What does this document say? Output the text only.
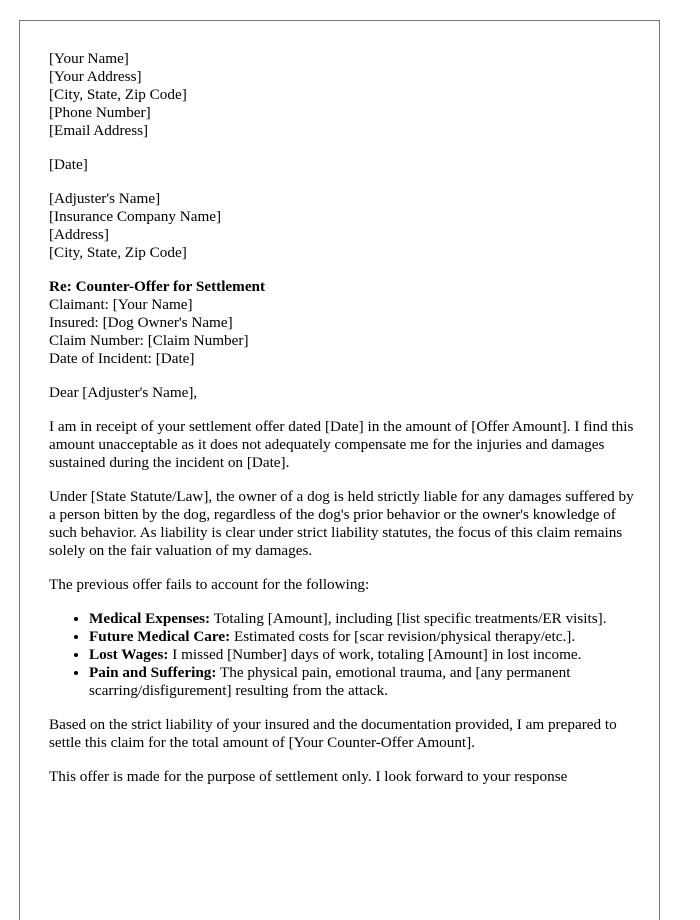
[Your Name]
[Your Address]
[City, State, Zip Code]
[Phone Number]
[Email Address]
[Date]
[Adjuster's Name]
[Insurance Company Name]
[Address]
[City, State, Zip Code]
Re: Counter-Offer for Settlement
Claimant: [Your Name]
Insured: [Dog Owner's Name]
Claim Number: [Claim Number]
Date of Incident: [Date]

Dear [Adjuster's Name],

I am in receipt of your settlement offer dated [Date] in the amount of [Offer Amount]. I find this amount unacceptable as it does not adequately compensate me for the injuries and damages sustained during the incident on [Date].

Under [State Statute/Law], the owner of a dog is held strictly liable for any damages suffered by a person bitten by the dog, regardless of the dog's prior behavior or the owner's knowledge of such behavior. As liability is clear under strict liability statutes, the focus of this claim remains solely on the fair valuation of my damages.

The previous offer fails to account for the following:

• Medical Expenses: Totaling [Amount], including [list specific treatments/ER visits].
• Future Medical Care: Estimated costs for [scar revision/physical therapy/etc.].
• Lost Wages: I missed [Number] days of work, totaling [Amount] in lost income.
• Pain and Suffering: The physical pain, emotional trauma, and [any permanent scarring/disfigurement] resulting from the attack.

Based on the strict liability of your insured and the documentation provided, I am prepared to settle this claim for the total amount of [Your Counter-Offer Amount].

This offer is made for the purpose of settlement only. I look forward to your response
